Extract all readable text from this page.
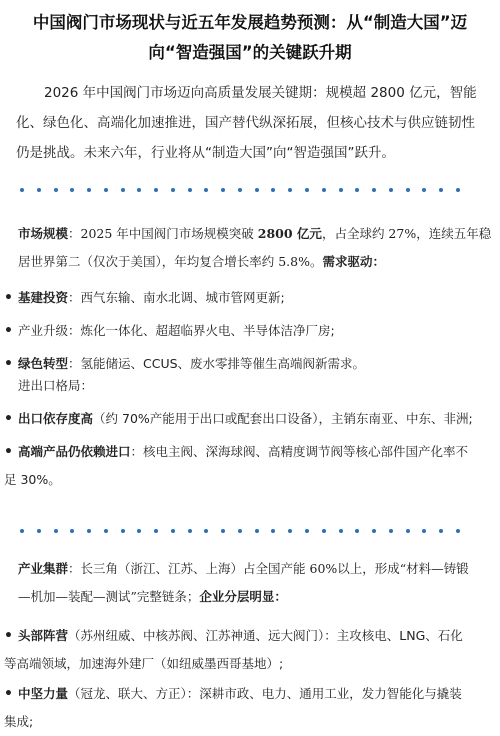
中国阀门市场现状与近五年发展趋势预测：从“制造大国”迈
向“智造强国”的关键跃升期
2026 年中国阀门市场迈向高质量发展关键期：规模超 2800 亿元，智能
化、绿色化、高端化加速推进，国产替代纵深拓展，但核心技术与供应链韧性
仍是挑战。未来六年，行业将从“制造大国”向“智造强国”跃升。
市场规模：2025 年中国阀门市场规模突破 2800 亿元，占全球约 27%，连续五年稳
居世界第二（仅次于美国），年均复合增长率约 5.8%。需求驱动：
• 基建投资：西气东输、南水北调、城市管网更新;
• 产业升级：炼化一体化、超超临界火电、半导体洁净厂房;
• 绿色转型：氢能储运、CCUS、废水零排等催生高端阀新需求。
进出口格局：
• 出口依存度高（约 70%产能用于出口或配套出口设备），主销东南亚、中东、非洲;
• 高端产品仍依赖进口：核电主阀、深海球阀、高精度调节阀等核心部件国产化率不
足 30%。
产业集群：长三角（浙江、江苏、上海）占全国产能 60%以上，形成“材料—铸锻
—机加—装配—测试”完整链条；企业分层明显：
• 头部阵营（苏州纽威、中核苏阀、江苏神通、远大阀门）：主攻核电、LNG、石化
等高端领域，加速海外建厂（如纽威墨西哥基地）;
• 中坚力量（冠龙、联大、方正）：深耕市政、电力、通用工业，发力智能化与撬装
集成;
